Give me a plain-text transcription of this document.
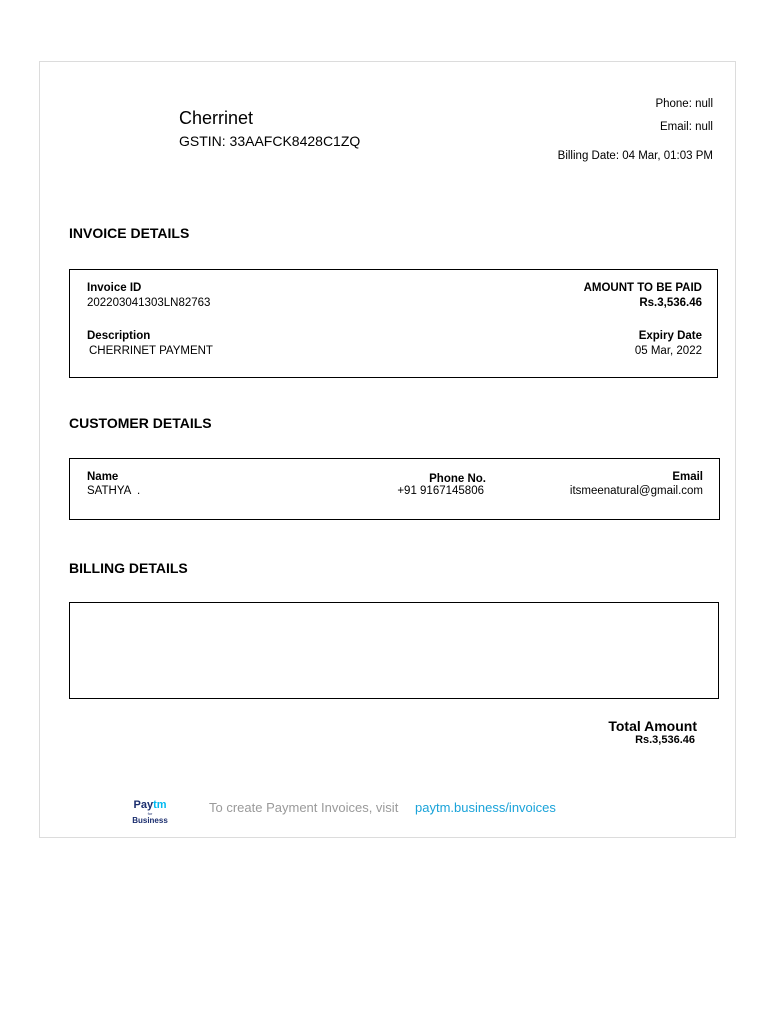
Cherrinet
GSTIN: 33AAFCK8428C1ZQ
Phone: null
Email: null
Billing Date: 04 Mar, 01:03 PM
INVOICE DETAILS
Invoice ID
202203041303LN82763
AMOUNT TO BE PAID
Rs.3,536.46
Description
CHERRINET PAYMENT
Expiry Date
05 Mar, 2022
CUSTOMER DETAILS
Name
SATHYA  .
Phone No.
+91 9167145806
Email
itsmeenatural@gmail.com
BILLING DETAILS
Total Amount
Rs.3,536.46
Paytm
for
Business
To create Payment Invoices, visit paytm.business/invoices
